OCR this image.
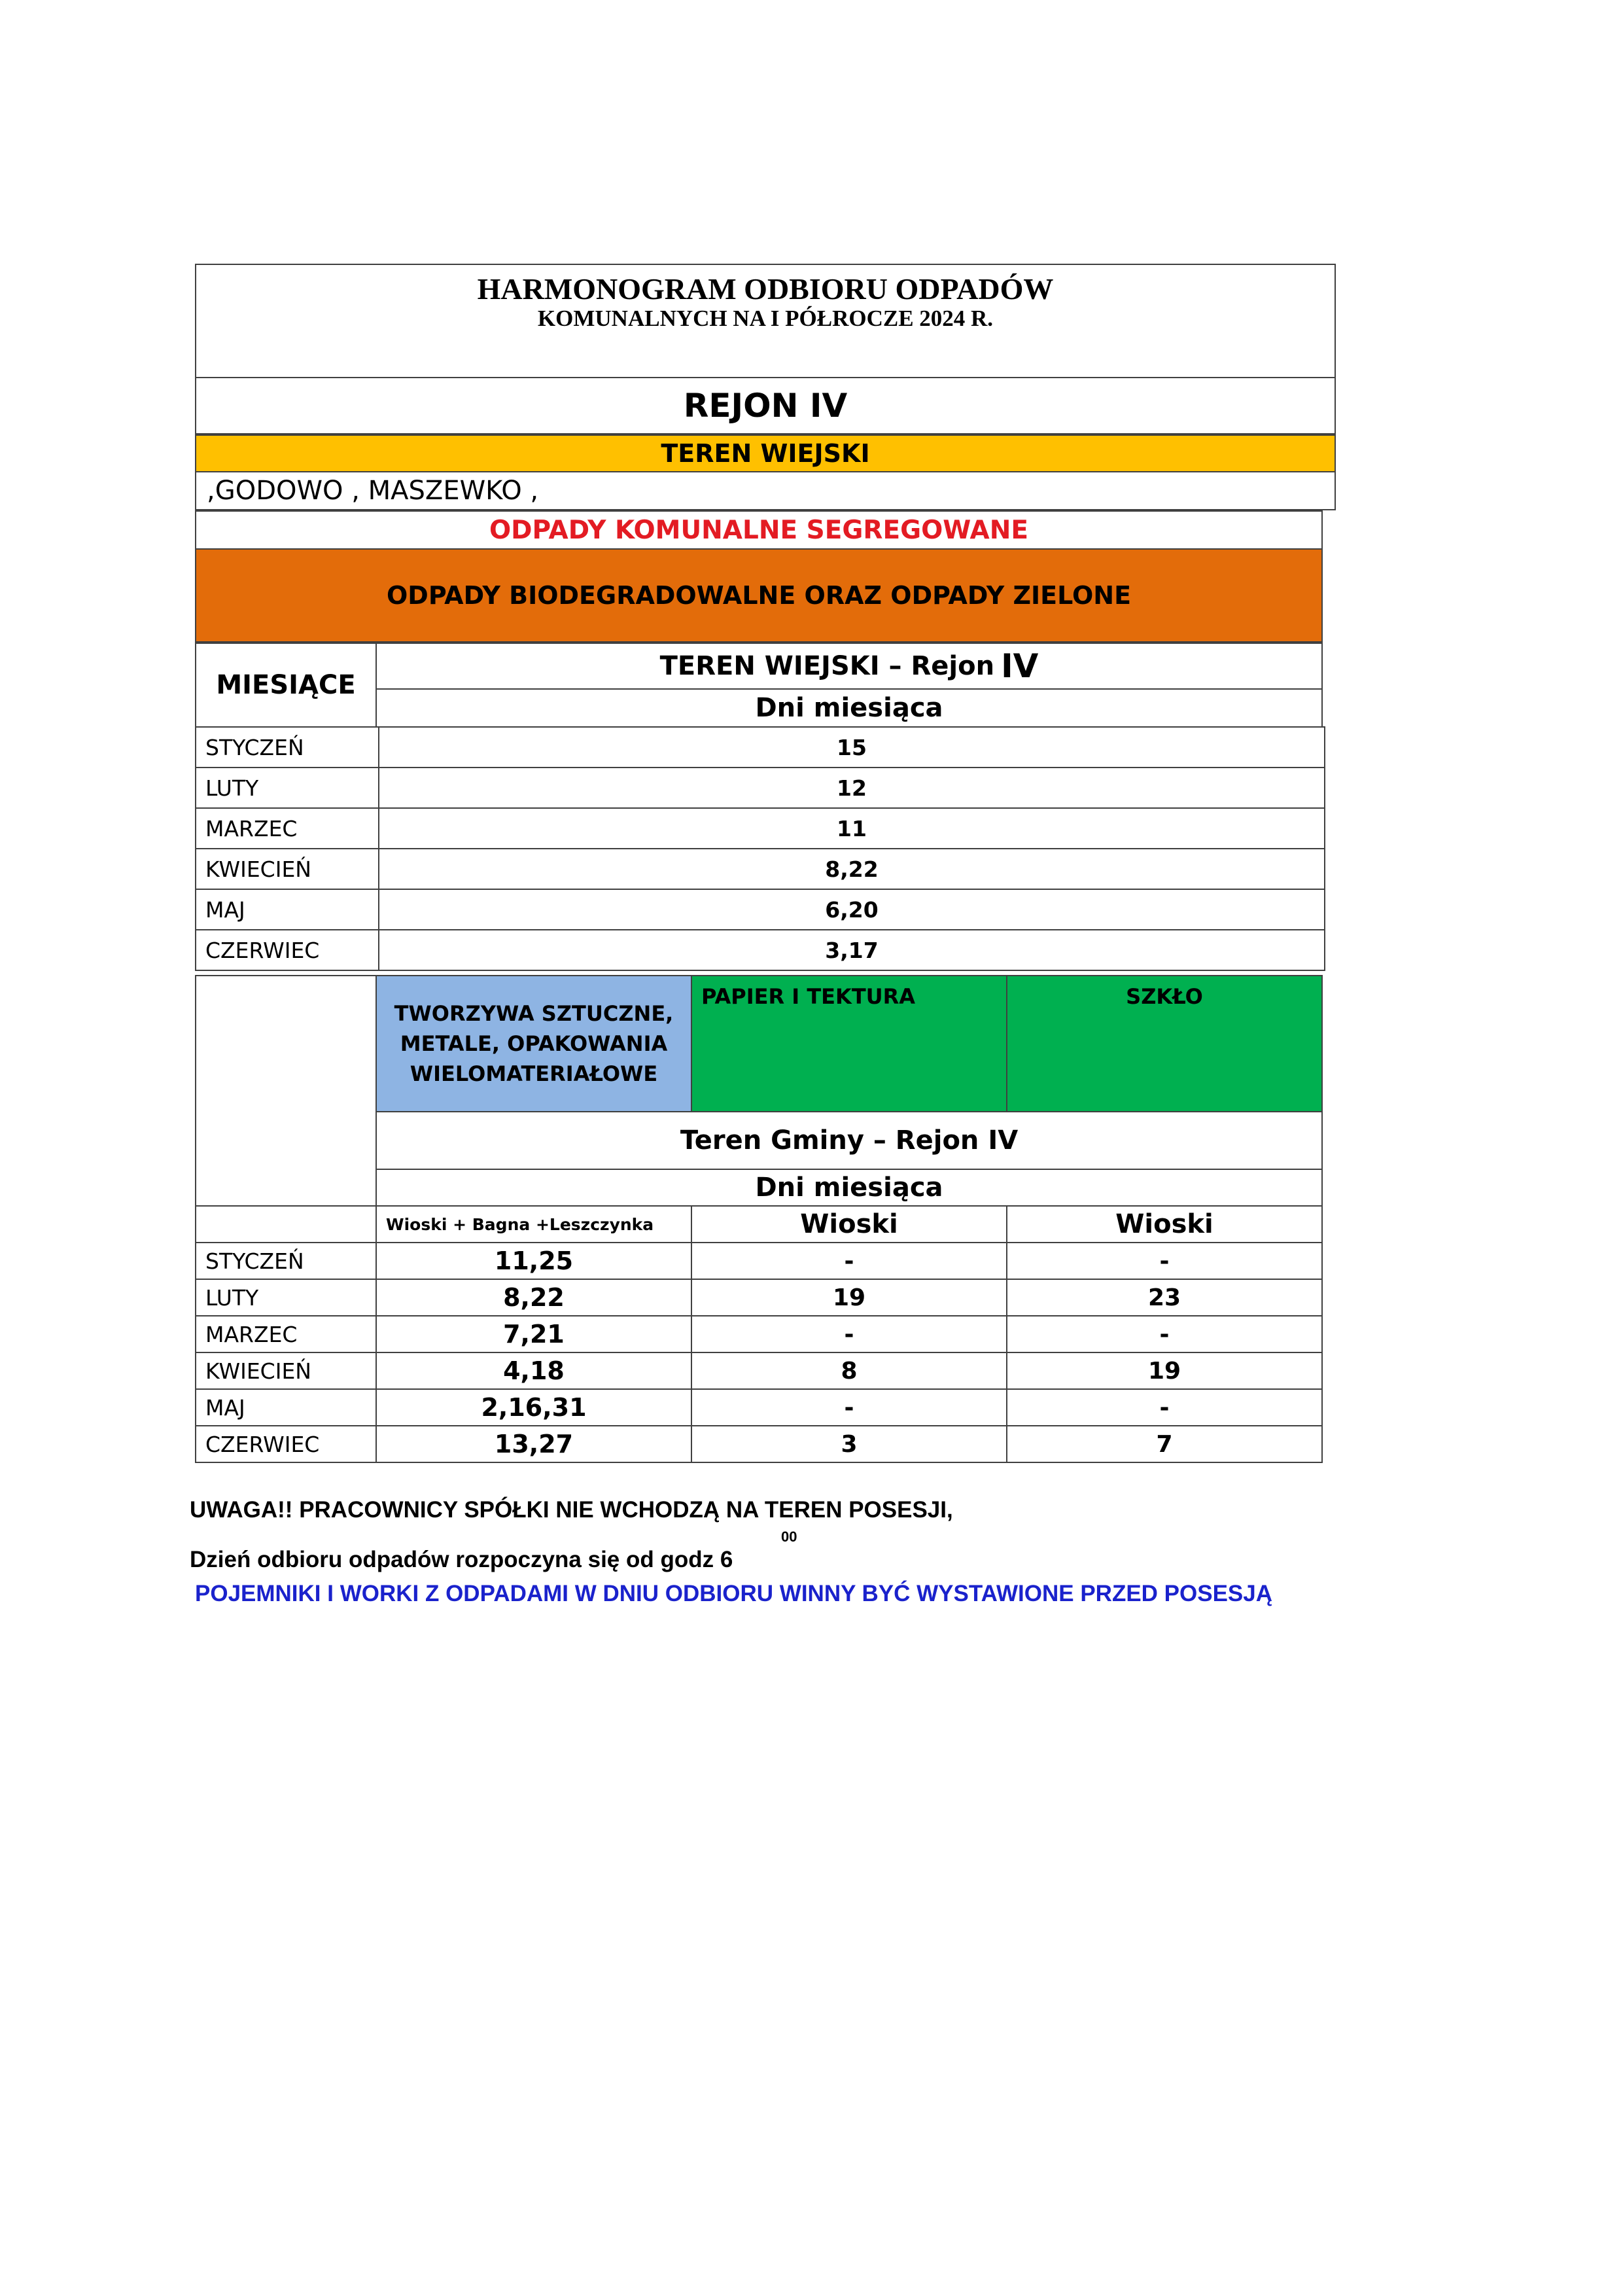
HARMONOGRAM ODBIORU ODPADÓW
KOMUNALNYCH NA I PÓŁROCZE 2024 R.
REJON IV
TEREN WIEJSKI
,GODOWO , MASZEWKO ,
ODPADY KOMUNALNE SEGREGOWANE
ODPADY BIODEGRADOWALNE ORAZ ODPADY ZIELONE
MIESIĄCE
TEREN WIEJSKI – Rejon IV
Dni miesiąca
STYCZEŃ	15
LUTY	12
MARZEC	11
KWIECIEŃ	8,22
MAJ	6,20
CZERWIEC	3,17
TWORZYWA SZTUCZNE, METALE, OPAKOWANIA WIELOMATERIAŁOWE
PAPIER I TEKTURA	SZKŁO
Teren Gminy – Rejon IV
Dni miesiąca
Wioski + Bagna +Leszczynka	Wioski	Wioski
STYCZEŃ	11,25	-	-
LUTY	8,22	19	23
MARZEC	7,21	-	-
KWIECIEŃ	4,18	8	19
MAJ	2,16,31	-	-
CZERWIEC	13,27	3	7
UWAGA!! PRACOWNICY SPÓŁKI NIE WCHODZĄ NA TEREN POSESJI,
00
Dzień odbioru odpadów rozpoczyna się od godz 6
POJEMNIKI I WORKI Z ODPADAMI W DNIU ODBIORU WINNY BYĆ WYSTAWIONE PRZED POSESJĄ
